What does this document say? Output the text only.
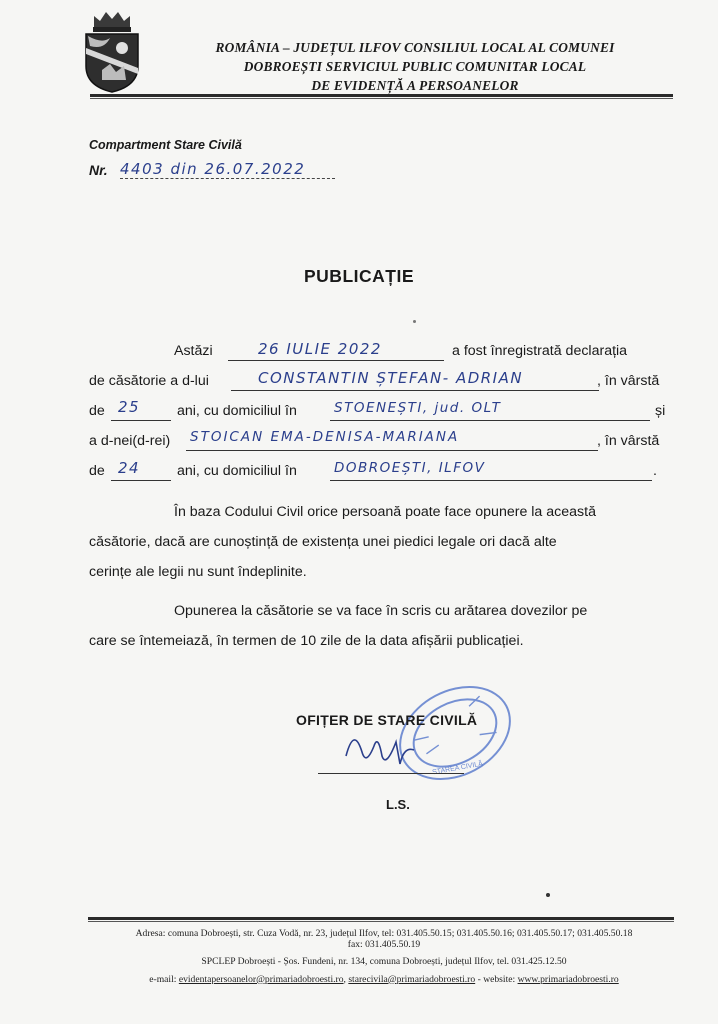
ROMÂNIA – JUDEȚUL ILFOV CONSILIUL LOCAL AL COMUNEI
DOBROEȘTI SERVICIUL PUBLIC COMUNITAR LOCAL
DE EVIDENȚĂ A PERSOANELOR
Compartment Stare Civilă
Nr. 4403 din 26.07.2022
PUBLICAȚIE
Astăzi	26 IULIE 2022	a fost înregistrată declarația
de căsătorie a d-lui	CONSTANTIN ȘTEFAN- ADRIAN	, în vârstă
de 25	ani, cu domiciliul în	STOENEȘTI, jud. OLT	și
a d-nei(d-rei) STOICAN EMA-DENISA-MARIANA	, în vârstă
de 24	ani, cu domiciliul în	DOBROEȘTI, ILFOV	.
În baza Codului Civil orice persoană poate face opunere la această
căsătorie, dacă are cunoștință de existența unei piedici legale ori dacă alte
cerințe ale legii nu sunt îndeplinite.
Opunerea la căsătorie se va face în scris cu arătarea dovezilor pe
care se întemeiază, în termen de 10 zile de la data afișării publicației.
STAREA CIVILĂ
OFIȚER DE STARE CIVILĂ
L.S.
Adresa: comuna Dobroești, str. Cuza Vodă, nr. 23, județul Ilfov, tel: 031.405.50.15; 031.405.50.16; 031.405.50.17; 031.405.50.18
fax: 031.405.50.19
SPCLEP Dobroești - Șos. Fundeni, nr. 134, comuna Dobroești, județul Ilfov, tel. 031.425.12.50
e-mail: evidentapersoanelor@primariadobroesti.ro, starecivila@primariadobroesti.ro - website: www.primariadobroesti.ro
